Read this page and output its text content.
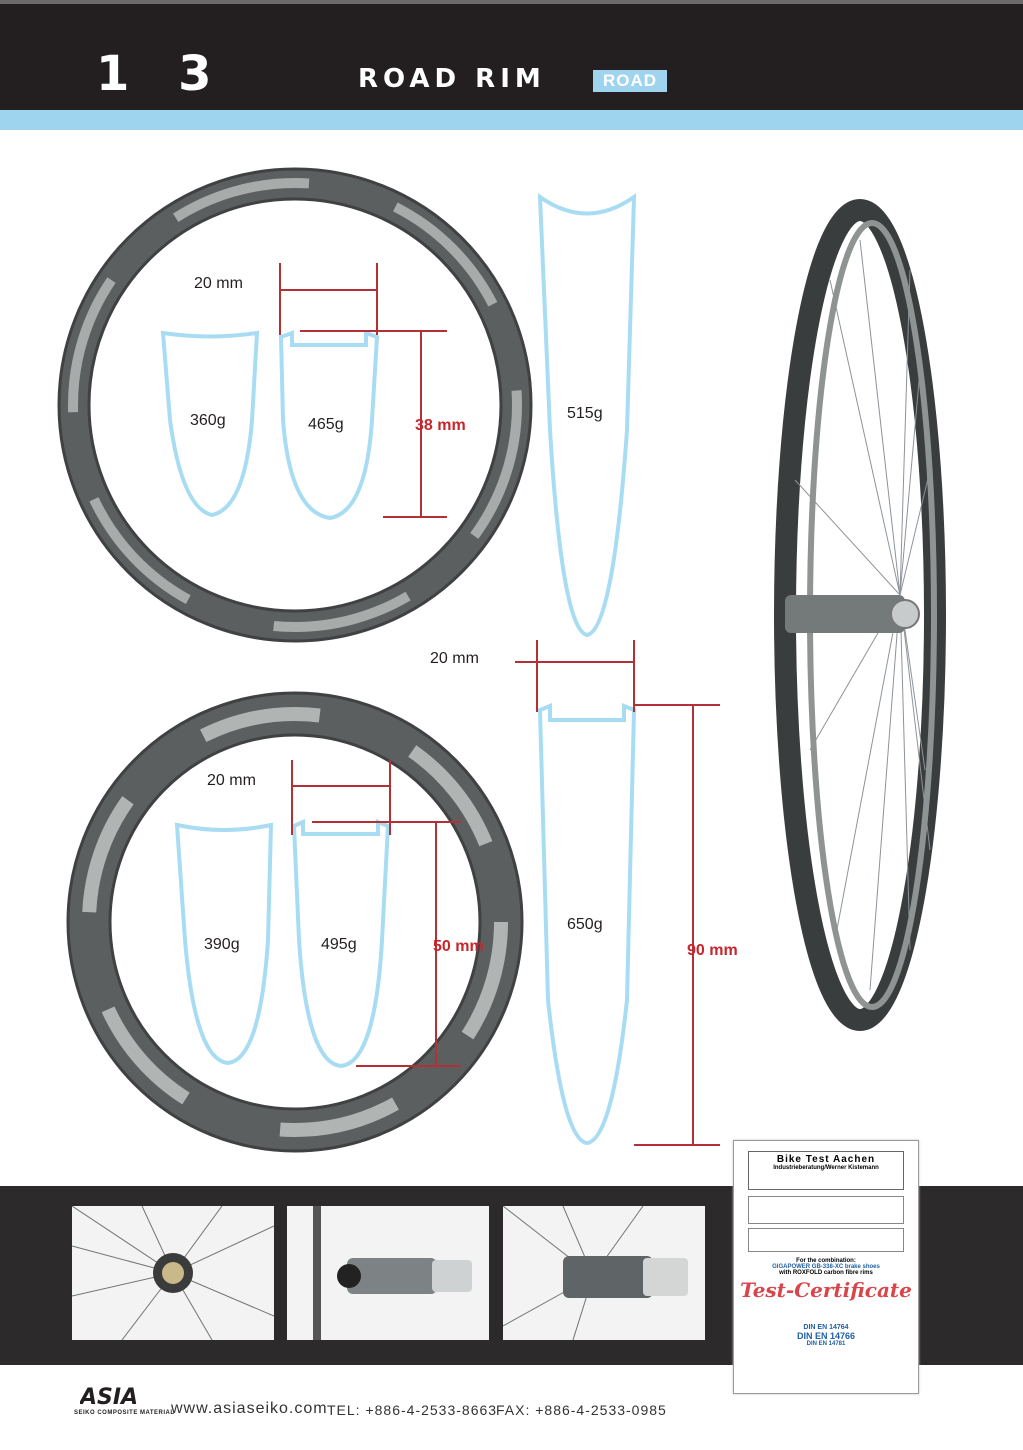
1 3	ROAD RIM	ROAD
20 mm
360g	465g	38 mm
515g
20 mm
650g
90 mm
20 mm
390g	495g	50 mm
Bike Test Aachen
Industrieberatung/Werner Kistemann
For the combination:
GIGAPOWER GB-338-XC brake shoes
with ROXFOLD carbon fibre rims
Test-Certificate
DIN EN 14764
DIN EN 14766
DIN EN 14781
ASIA
SEIKO COMPOSITE MATERIAL
www.asiaseiko.com TEL: +886-4-2533-8663
FAX: +886-4-2533-0985
